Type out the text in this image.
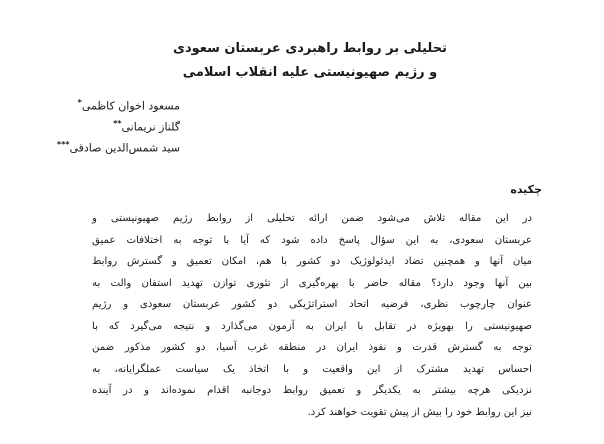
تحلیلی بر روابط راهبردی عربستان سعودی
و رژیم صهیونیستی علیه انقلاب اسلامی
مسعود اخوان کاظمی*
گلناز نریمانی**
سید شمس‌الدین صادقی***
چکیده
در این مقاله تلاش می‌شود ضمن ارائه تحلیلی از روابط رژیم صهیونیستی و
عربستان سعودی، به این سؤال پاسخ داده شود که آیا با توجه به اختلافات عمیق
میان آنها و همچنین تضاد ایدئولوژیک دو کشور با هم، امکان تعمیق و گسترش روابط
بین آنها وجود دارد؟ مقاله حاضر با بهره‌گیری از تئوری توازن تهدید استفان والت به
عنوان چارچوب نظری، فرضیه اتحاد استراتژیکی دو کشور عربستان سعودی و رژیم
صهیونیستی را بهویژه در تقابل با ایران به آزمون می‌گذارد و نتیجه می‌گیرد که با
توجه به گسترش قدرت و نفوذ ایران در منطقه غرب آسیا، دو کشور مذکور ضمن
احساس تهدید مشترک از این واقعیت و با اتخاذ یک سیاست عملگرایانه، به
نزدیکی هرچه بیشتر به یکدیگر و تعمیق روابط دوجانبه اقدام نموده‌اند و در آینده
نیز این روابط خود را بیش از پیش تقویت خواهند کرد.
